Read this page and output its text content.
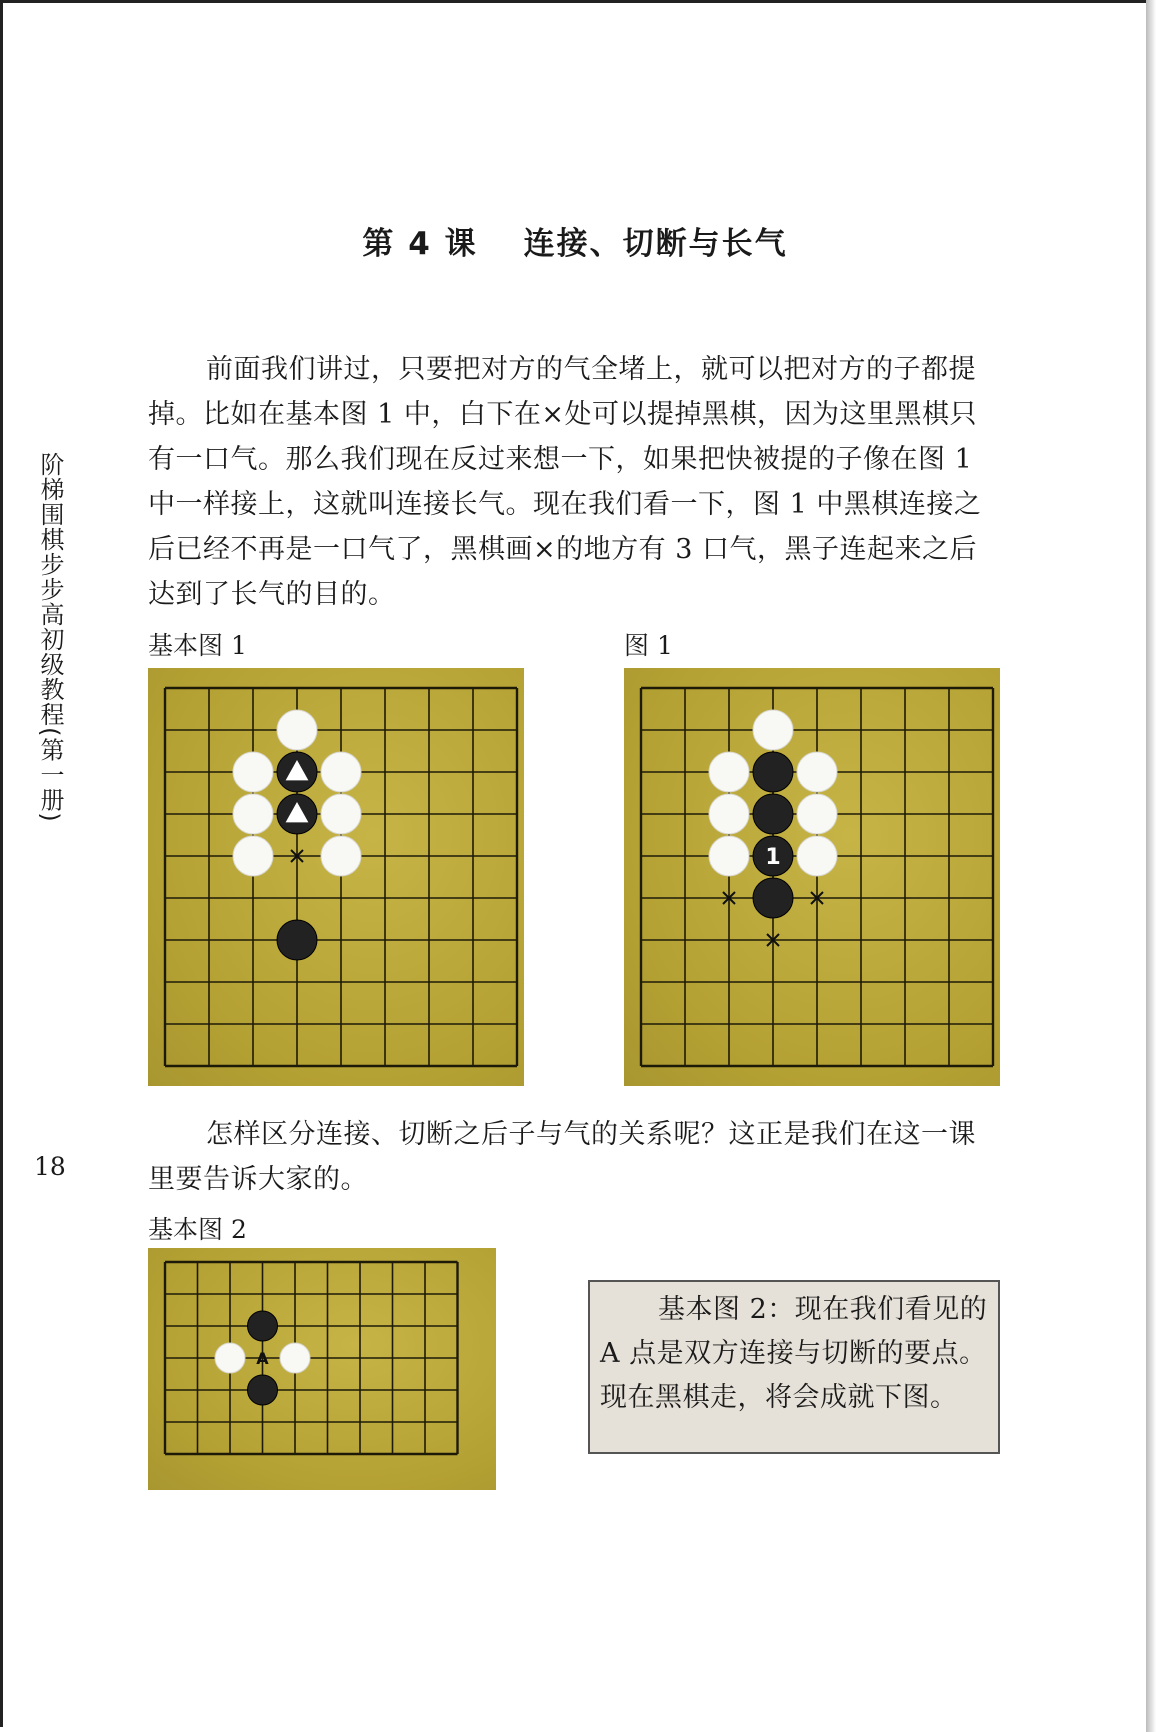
第 4 课 连接、切断与长气
阶梯围棋步步高初级教程(第一册)
18

前面我们讲过，只要把对方的气全堵上，就可以把对方的子都提掉。比如在基本图 1 中，白下在×处可以提掉黑棋，因为这里黑棋只有一口气。那么我们现在反过来想一下，如果把快被提的子像在图 1 中一样接上，这就叫连接长气。现在我们看一下，图 1 中黑棋连接之后已经不再是一口气了，黑棋画×的地方有 3 口气，黑子连起来之后达到了长气的目的。

基本图 1	图 1
1

怎样区分连接、切断之后子与气的关系呢？这正是我们在这一课里要告诉大家的。

基本图 2
A

基本图 2：现在我们看见的 A 点是双方连接与切断的要点。现在黑棋走，将会成就下图。
